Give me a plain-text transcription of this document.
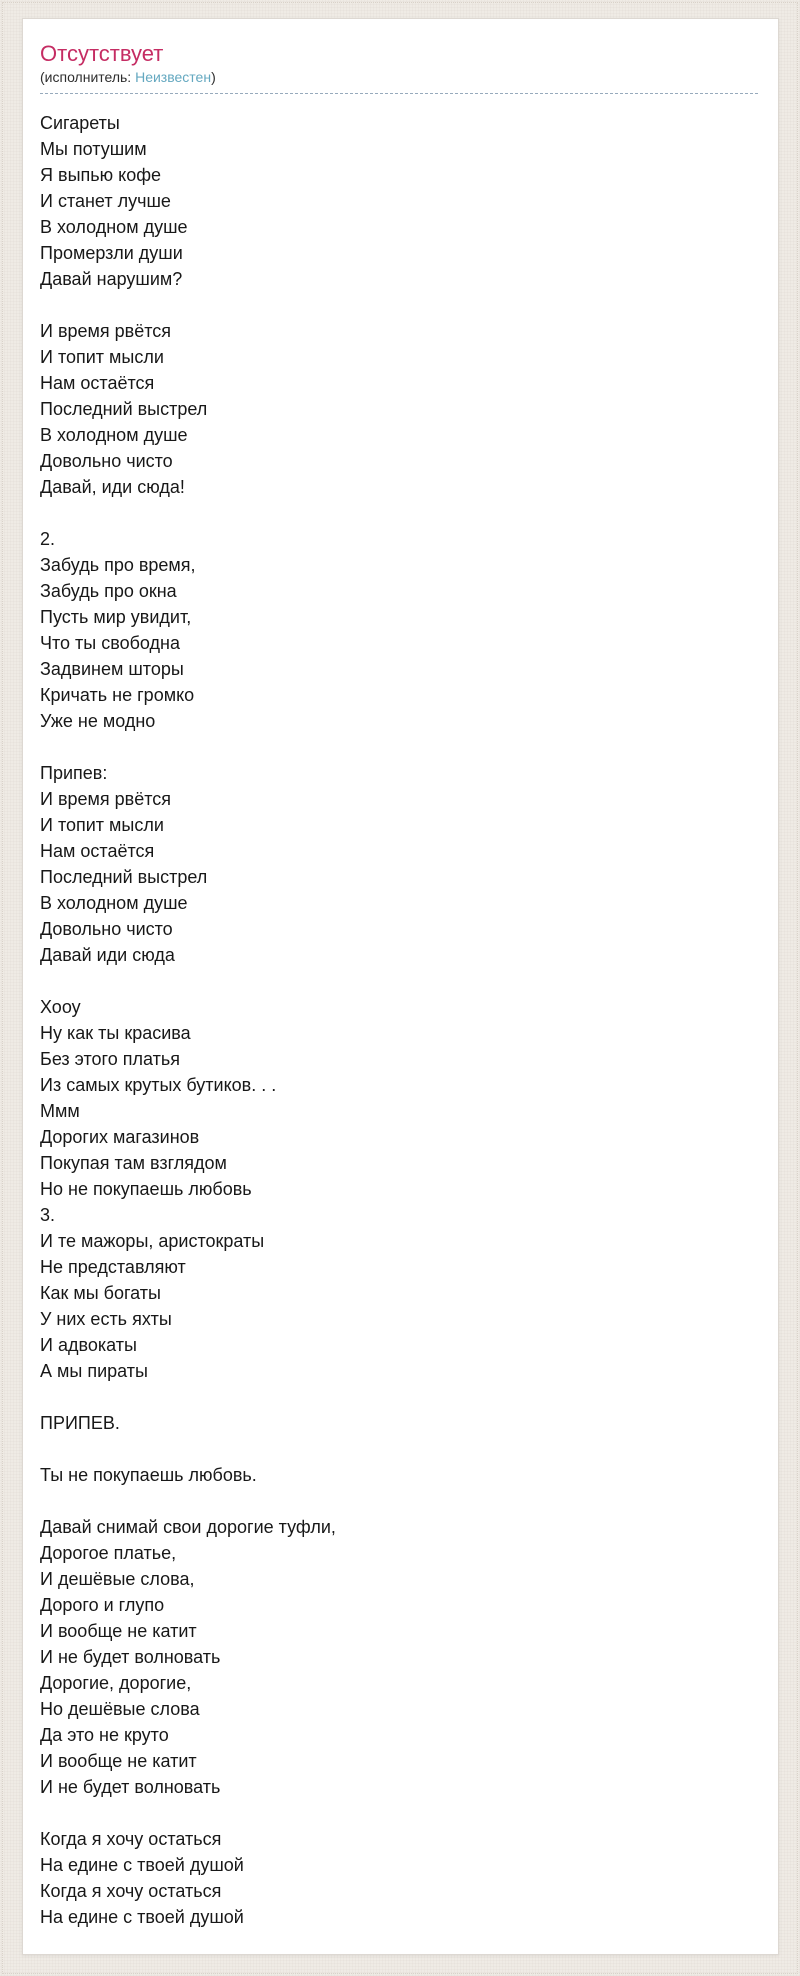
Отсутствует

(исполнитель: Неизвестен)

Сигареты
Мы потушим
Я выпью кофе
И станет лучше
В холодном душе
Промерзли души
Давай нарушим?

И время рвётся
И топит мысли
Нам остаётся
Последний выстрел
В холодном душе
Довольно чисто
Давай, иди сюда!

2.
Забудь про время,
Забудь про окна
Пусть мир увидит,
Что ты свободна
Задвинем шторы
Кричать не громко
Уже не модно

Припев:
И время рвётся
И топит мысли
Нам остаётся
Последний выстрел
В холодном душе
Довольно чисто
Давай иди сюда

Хооу
Ну как ты красива
Без этого платья
Из самых крутых бутиков. . .
Ммм
Дорогих магазинов
Покупая там взглядом
Но не покупаешь любовь
3.
И те мажоры, аристократы
Не представляют
Как мы богаты
У них есть яхты
И адвокаты
А мы пираты

ПРИПЕВ.

Ты не покупаешь любовь.

Давай снимай свои дорогие туфли,
Дорогое платье,
И дешёвые слова,
Дорого и глупо
И вообще не катит
И не будет волновать
Дорогие, дорогие,
Но дешёвые слова
Да это не круто
И вообще не катит
И не будет волновать

Когда я хочу остаться
На едине с твоей душой
Когда я хочу остаться
На едине с твоей душой
